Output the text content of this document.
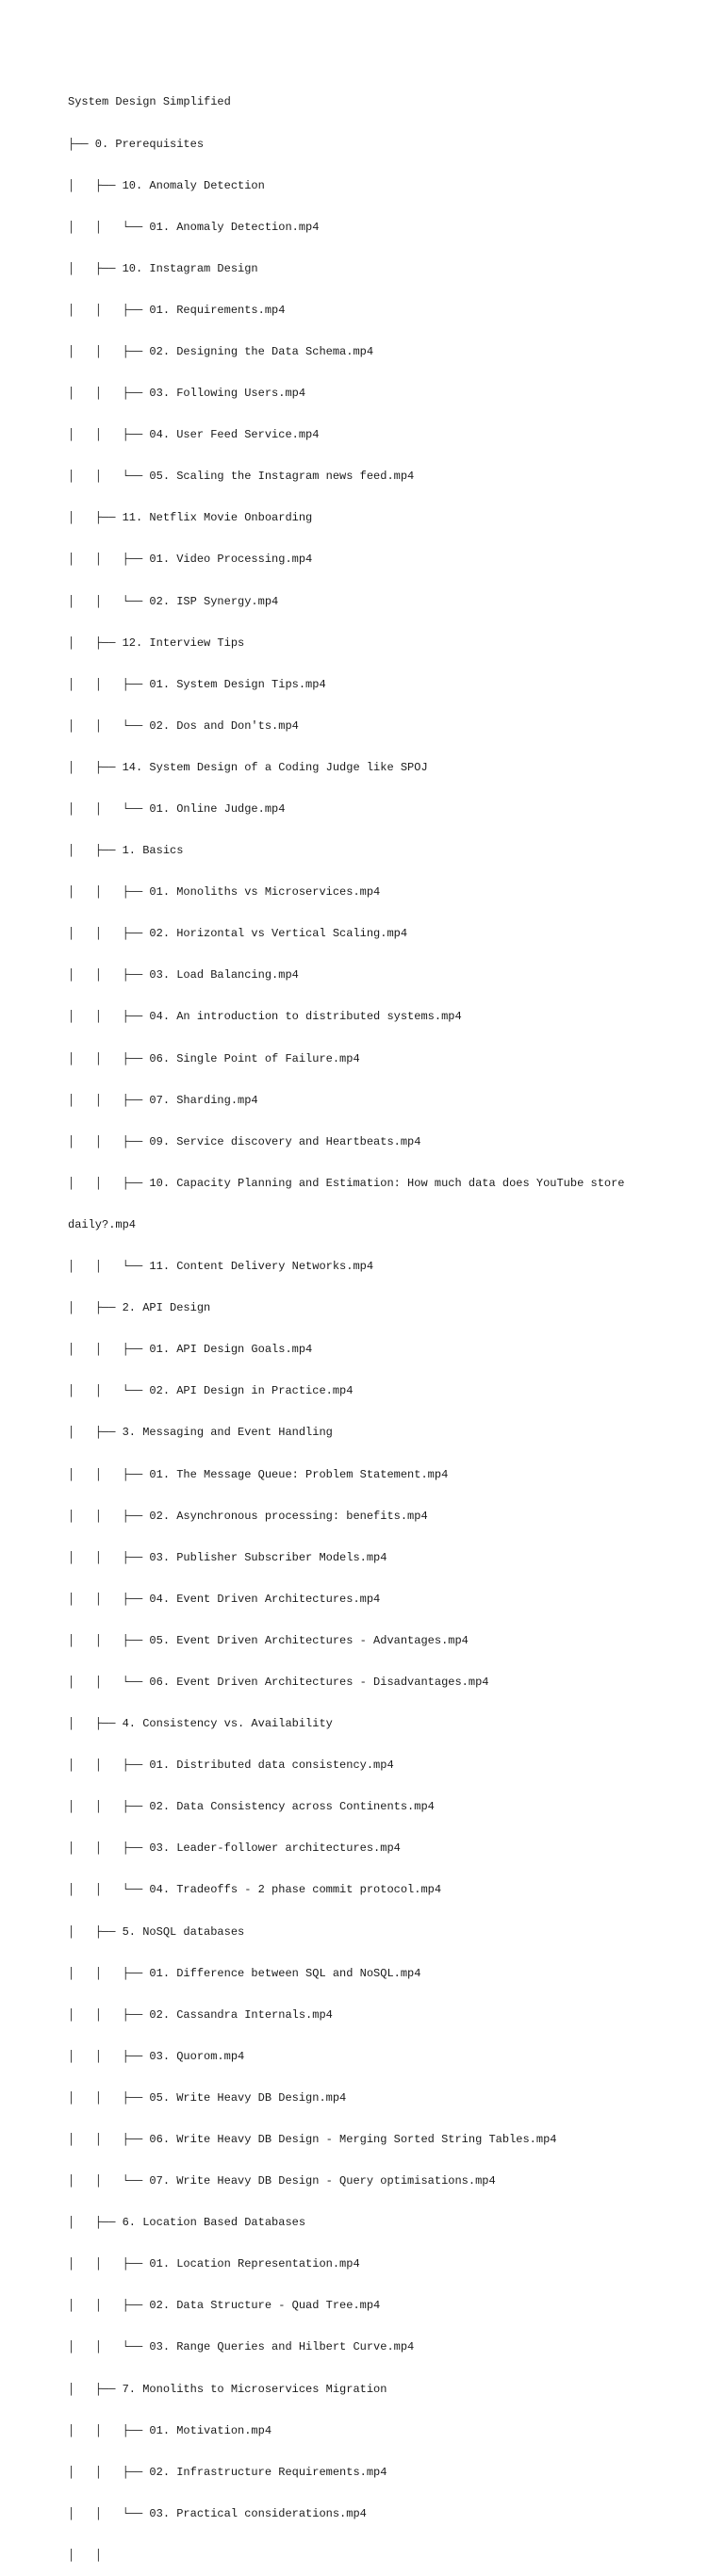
System Design Simplified

├── 0. Prerequisites

│   ├── 10. Anomaly Detection

│   │   └── 01. Anomaly Detection.mp4

│   ├── 10. Instagram Design

│   │   ├── 01. Requirements.mp4

│   │   ├── 02. Designing the Data Schema.mp4

│   │   ├── 03. Following Users.mp4

│   │   ├── 04. User Feed Service.mp4

│   │   └── 05. Scaling the Instagram news feed.mp4

│   ├── 11. Netflix Movie Onboarding

│   │   ├── 01. Video Processing.mp4

│   │   └── 02. ISP Synergy.mp4

│   ├── 12. Interview Tips

│   │   ├── 01. System Design Tips.mp4

│   │   └── 02. Dos and Don'ts.mp4

│   ├── 14. System Design of a Coding Judge like SPOJ

│   │   └── 01. Online Judge.mp4

│   ├── 1. Basics

│   │   ├── 01. Monoliths vs Microservices.mp4

│   │   ├── 02. Horizontal vs Vertical Scaling.mp4

│   │   ├── 03. Load Balancing.mp4

│   │   ├── 04. An introduction to distributed systems.mp4

│   │   ├── 06. Single Point of Failure.mp4

│   │   ├── 07. Sharding.mp4

│   │   ├── 09. Service discovery and Heartbeats.mp4

│   │   ├── 10. Capacity Planning and Estimation: How much data does YouTube store

daily?.mp4

│   │   └── 11. Content Delivery Networks.mp4

│   ├── 2. API Design

│   │   ├── 01. API Design Goals.mp4

│   │   └── 02. API Design in Practice.mp4

│   ├── 3. Messaging and Event Handling

│   │   ├── 01. The Message Queue: Problem Statement.mp4

│   │   ├── 02. Asynchronous processing: benefits.mp4

│   │   ├── 03. Publisher Subscriber Models.mp4

│   │   ├── 04. Event Driven Architectures.mp4

│   │   ├── 05. Event Driven Architectures - Advantages.mp4

│   │   └── 06. Event Driven Architectures - Disadvantages.mp4

│   ├── 4. Consistency vs. Availability

│   │   ├── 01. Distributed data consistency.mp4

│   │   ├── 02. Data Consistency across Continents.mp4

│   │   ├── 03. Leader-follower architectures.mp4

│   │   └── 04. Tradeoffs - 2 phase commit protocol.mp4

│   ├── 5. NoSQL databases

│   │   ├── 01. Difference between SQL and NoSQL.mp4

│   │   ├── 02. Cassandra Internals.mp4

│   │   ├── 03. Quorom.mp4

│   │   ├── 05. Write Heavy DB Design.mp4

│   │   ├── 06. Write Heavy DB Design - Merging Sorted String Tables.mp4

│   │   └── 07. Write Heavy DB Design - Query optimisations.mp4

│   ├── 6. Location Based Databases

│   │   ├── 01. Location Representation.mp4

│   │   ├── 02. Data Structure - Quad Tree.mp4

│   │   └── 03. Range Queries and Hilbert Curve.mp4

│   ├── 7. Monoliths to Microservices Migration

│   │   ├── 01. Motivation.mp4

│   │   ├── 02. Infrastructure Requirements.mp4

│   │   └── 03. Practical considerations.mp4

│   │
